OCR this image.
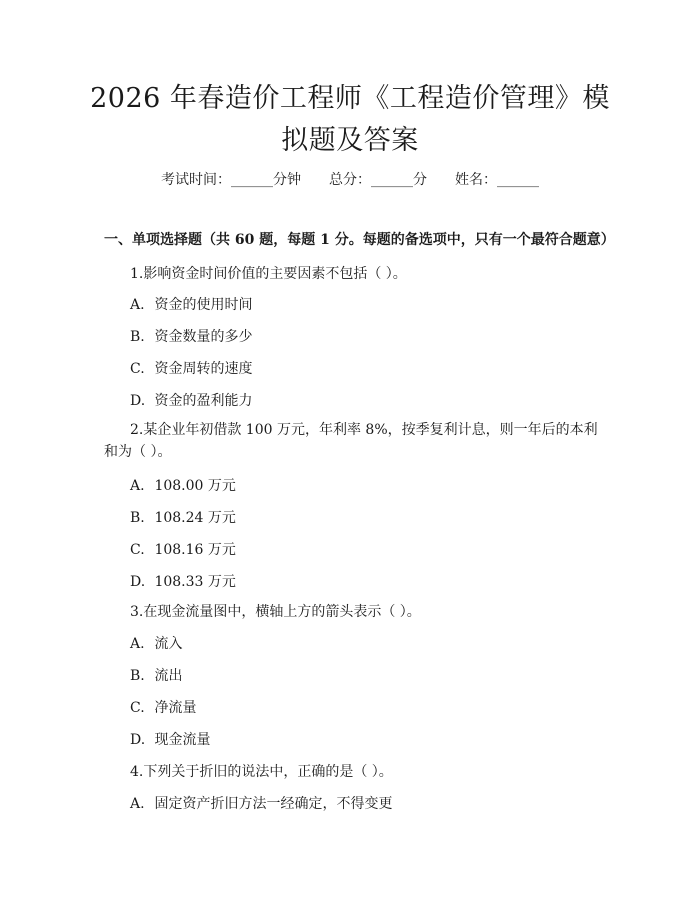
2026 年春造价工程师《工程造价管理》模拟题及答案
考试时间：______分钟 总分：______分 姓名：______
一、单项选择题（共 60 题，每题 1 分。每题的备选项中，只有一个最符合题意）
1.影响资金时间价值的主要因素不包括（ ）。
A. 资金的使用时间
B. 资金数量的多少
C. 资金周转的速度
D. 资金的盈利能力
2.某企业年初借款 100 万元，年利率 8%，按季复利计息，则一年后的本利和为（ ）。
A. 108.00 万元
B. 108.24 万元
C. 108.16 万元
D. 108.33 万元
3.在现金流量图中，横轴上方的箭头表示（ ）。
A. 流入
B. 流出
C. 净流量
D. 现金流量
4.下列关于折旧的说法中，正确的是（ ）。
A. 固定资产折旧方法一经确定，不得变更
